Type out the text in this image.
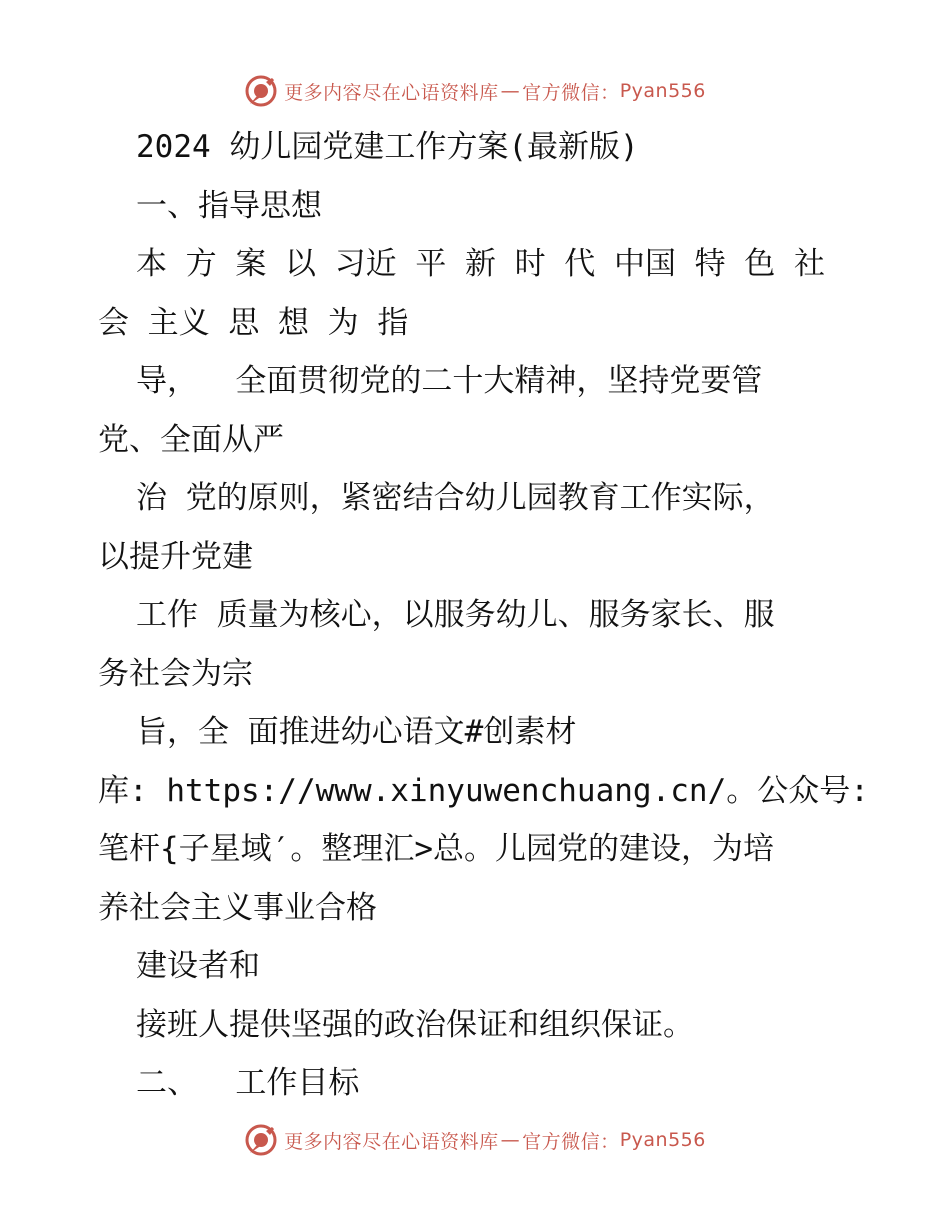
更多内容尽在心语资料库 — 官方微信： Pyan556
2024 幼儿园党建工作方案(最新版)
一、指导思想
本 方 案 以 习近 平 新 时 代 中国 特 色 社
会 主义 思 想 为 指
导，  全面贯彻党的二十大精神，坚持党要管
党、全面从严
治 党的原则，紧密结合幼儿园教育工作实际，
以提升党建
工作 质量为核心，以服务幼儿、服务家长、服
务社会为宗
旨，全 面推进幼心语文#创素材
库: https://www.xinyuwenchuang.cn/。公众号:
笔杆{子星域′。整理汇>总。儿园党的建设，为培
养社会主义事业合格
建设者和
接班人提供坚强的政治保证和组织保证。
二、  工作目标
更多内容尽在心语资料库 — 官方微信： Pyan556
